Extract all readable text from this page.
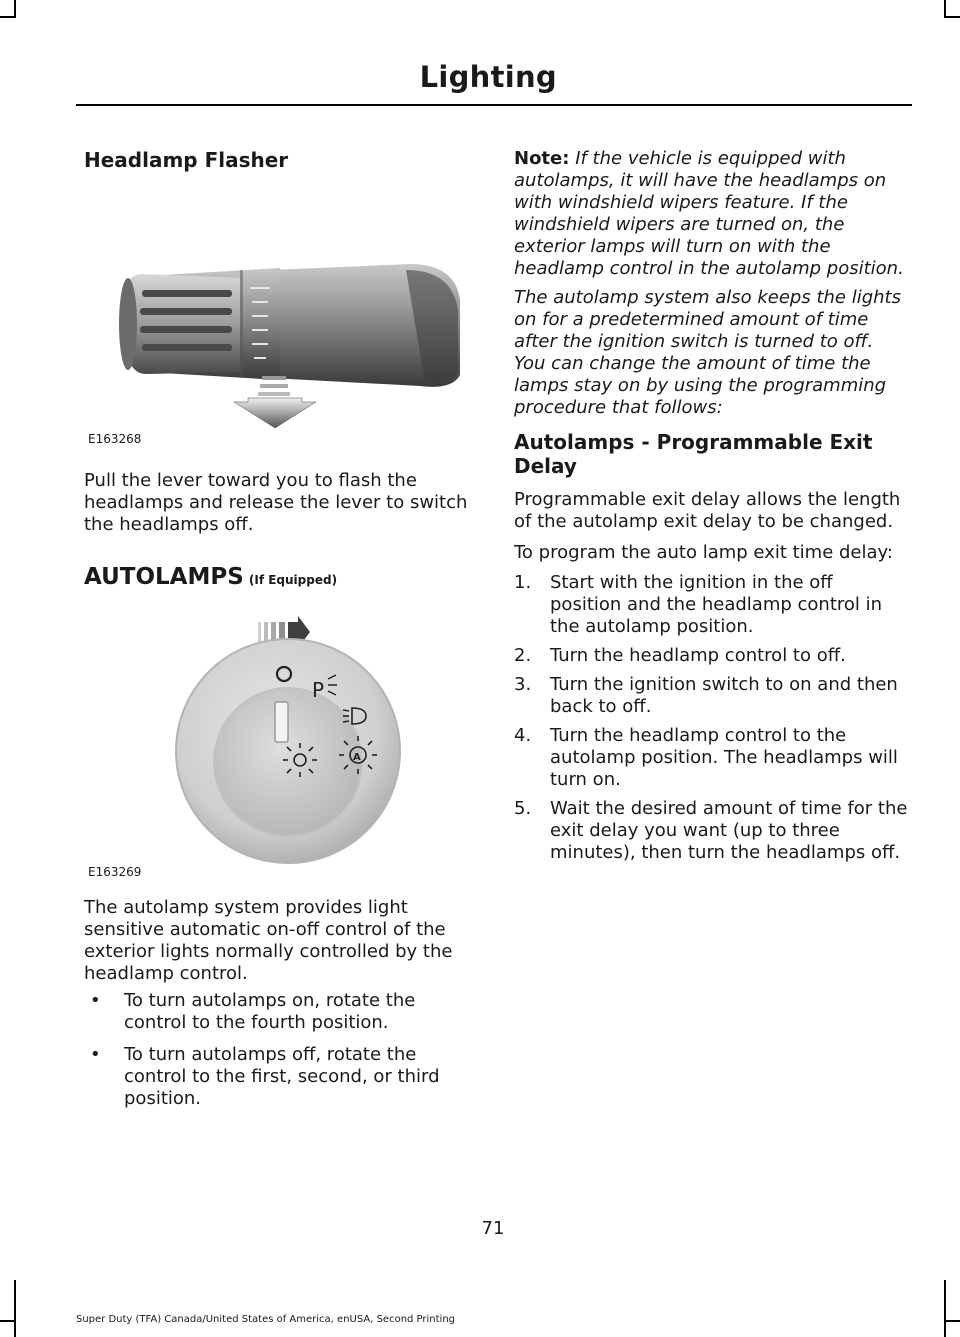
Lighting
Headlamp Flasher
E163268

Pull the lever toward you to flash the headlamps and release the lever to switch the headlamps off.

AUTOLAMPS (If Equipped)
P
A
E163269

The autolamp system provides light sensitive automatic on-off control of the exterior lights normally controlled by the headlamp control.

• To turn autolamps on, rotate the control to the fourth position.
• To turn autolamps off, rotate the control to the first, second, or third position.

Note: If the vehicle is equipped with autolamps, it will have the headlamps on with windshield wipers feature. If the windshield wipers are turned on, the exterior lamps will turn on with the headlamp control in the autolamp position.

The autolamp system also keeps the lights on for a predetermined amount of time after the ignition switch is turned to off. You can change the amount of time the lamps stay on by using the programming procedure that follows:

Autolamps - Programmable Exit Delay

Programmable exit delay allows the length of the autolamp exit delay to be changed.

To program the auto lamp exit time delay:

1. Start with the ignition in the off position and the headlamp control in the autolamp position.
2. Turn the headlamp control to off.
3. Turn the ignition switch to on and then back to off.
4. Turn the headlamp control to the autolamp position. The headlamps will turn on.
5. Wait the desired amount of time for the exit delay you want (up to three minutes), then turn the headlamps off.
71
Super Duty (TFA) Canada/United States of America, enUSA, Second Printing
